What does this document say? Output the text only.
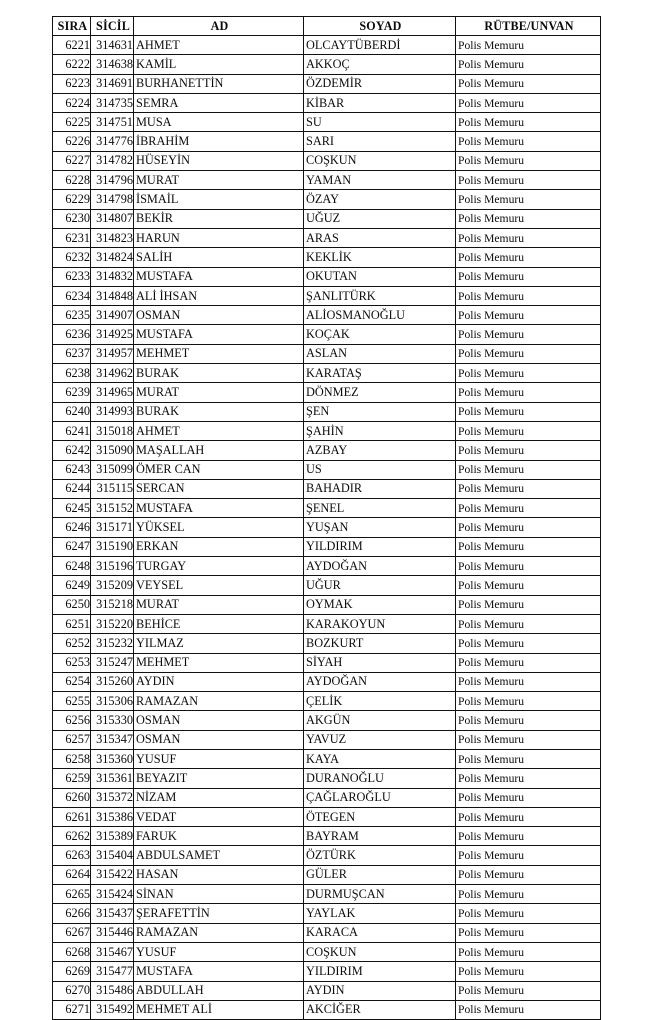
SIRA	SİCİL	AD	SOYAD	RÜTBE/UNVAN
6221	314631	AHMET	OLCAYTÜBERDİ	Polis Memuru
6222	314638	KAMİL	AKKOÇ	Polis Memuru
6223	314691	BURHANETTİN	ÖZDEMİR	Polis Memuru
6224	314735	SEMRA	KİBAR	Polis Memuru
6225	314751	MUSA	SU	Polis Memuru
6226	314776	İBRAHİM	SARI	Polis Memuru
6227	314782	HÜSEYİN	COŞKUN	Polis Memuru
6228	314796	MURAT	YAMAN	Polis Memuru
6229	314798	İSMAİL	ÖZAY	Polis Memuru
6230	314807	BEKİR	UĞUZ	Polis Memuru
6231	314823	HARUN	ARAS	Polis Memuru
6232	314824	SALİH	KEKLİK	Polis Memuru
6233	314832	MUSTAFA	OKUTAN	Polis Memuru
6234	314848	ALİ İHSAN	ŞANLITÜRK	Polis Memuru
6235	314907	OSMAN	ALİOSMANOĞLU	Polis Memuru
6236	314925	MUSTAFA	KOÇAK	Polis Memuru
6237	314957	MEHMET	ASLAN	Polis Memuru
6238	314962	BURAK	KARATAŞ	Polis Memuru
6239	314965	MURAT	DÖNMEZ	Polis Memuru
6240	314993	BURAK	ŞEN	Polis Memuru
6241	315018	AHMET	ŞAHİN	Polis Memuru
6242	315090	MAŞALLAH	AZBAY	Polis Memuru
6243	315099	ÖMER CAN	US	Polis Memuru
6244	315115	SERCAN	BAHADIR	Polis Memuru
6245	315152	MUSTAFA	ŞENEL	Polis Memuru
6246	315171	YÜKSEL	YUŞAN	Polis Memuru
6247	315190	ERKAN	YILDIRIM	Polis Memuru
6248	315196	TURGAY	AYDOĞAN	Polis Memuru
6249	315209	VEYSEL	UĞUR	Polis Memuru
6250	315218	MURAT	OYMAK	Polis Memuru
6251	315220	BEHİCE	KARAKOYUN	Polis Memuru
6252	315232	YILMAZ	BOZKURT	Polis Memuru
6253	315247	MEHMET	SİYAH	Polis Memuru
6254	315260	AYDIN	AYDOĞAN	Polis Memuru
6255	315306	RAMAZAN	ÇELİK	Polis Memuru
6256	315330	OSMAN	AKGÜN	Polis Memuru
6257	315347	OSMAN	YAVUZ	Polis Memuru
6258	315360	YUSUF	KAYA	Polis Memuru
6259	315361	BEYAZIT	DURANOĞLU	Polis Memuru
6260	315372	NİZAM	ÇAĞLAROĞLU	Polis Memuru
6261	315386	VEDAT	ÖTEGEN	Polis Memuru
6262	315389	FARUK	BAYRAM	Polis Memuru
6263	315404	ABDULSAMET	ÖZTÜRK	Polis Memuru
6264	315422	HASAN	GÜLER	Polis Memuru
6265	315424	SİNAN	DURMUŞCAN	Polis Memuru
6266	315437	ŞERAFETTİN	YAYLAK	Polis Memuru
6267	315446	RAMAZAN	KARACA	Polis Memuru
6268	315467	YUSUF	COŞKUN	Polis Memuru
6269	315477	MUSTAFA	YILDIRIM	Polis Memuru
6270	315486	ABDULLAH	AYDIN	Polis Memuru
6271	315492	MEHMET ALİ	AKCİĞER	Polis Memuru
